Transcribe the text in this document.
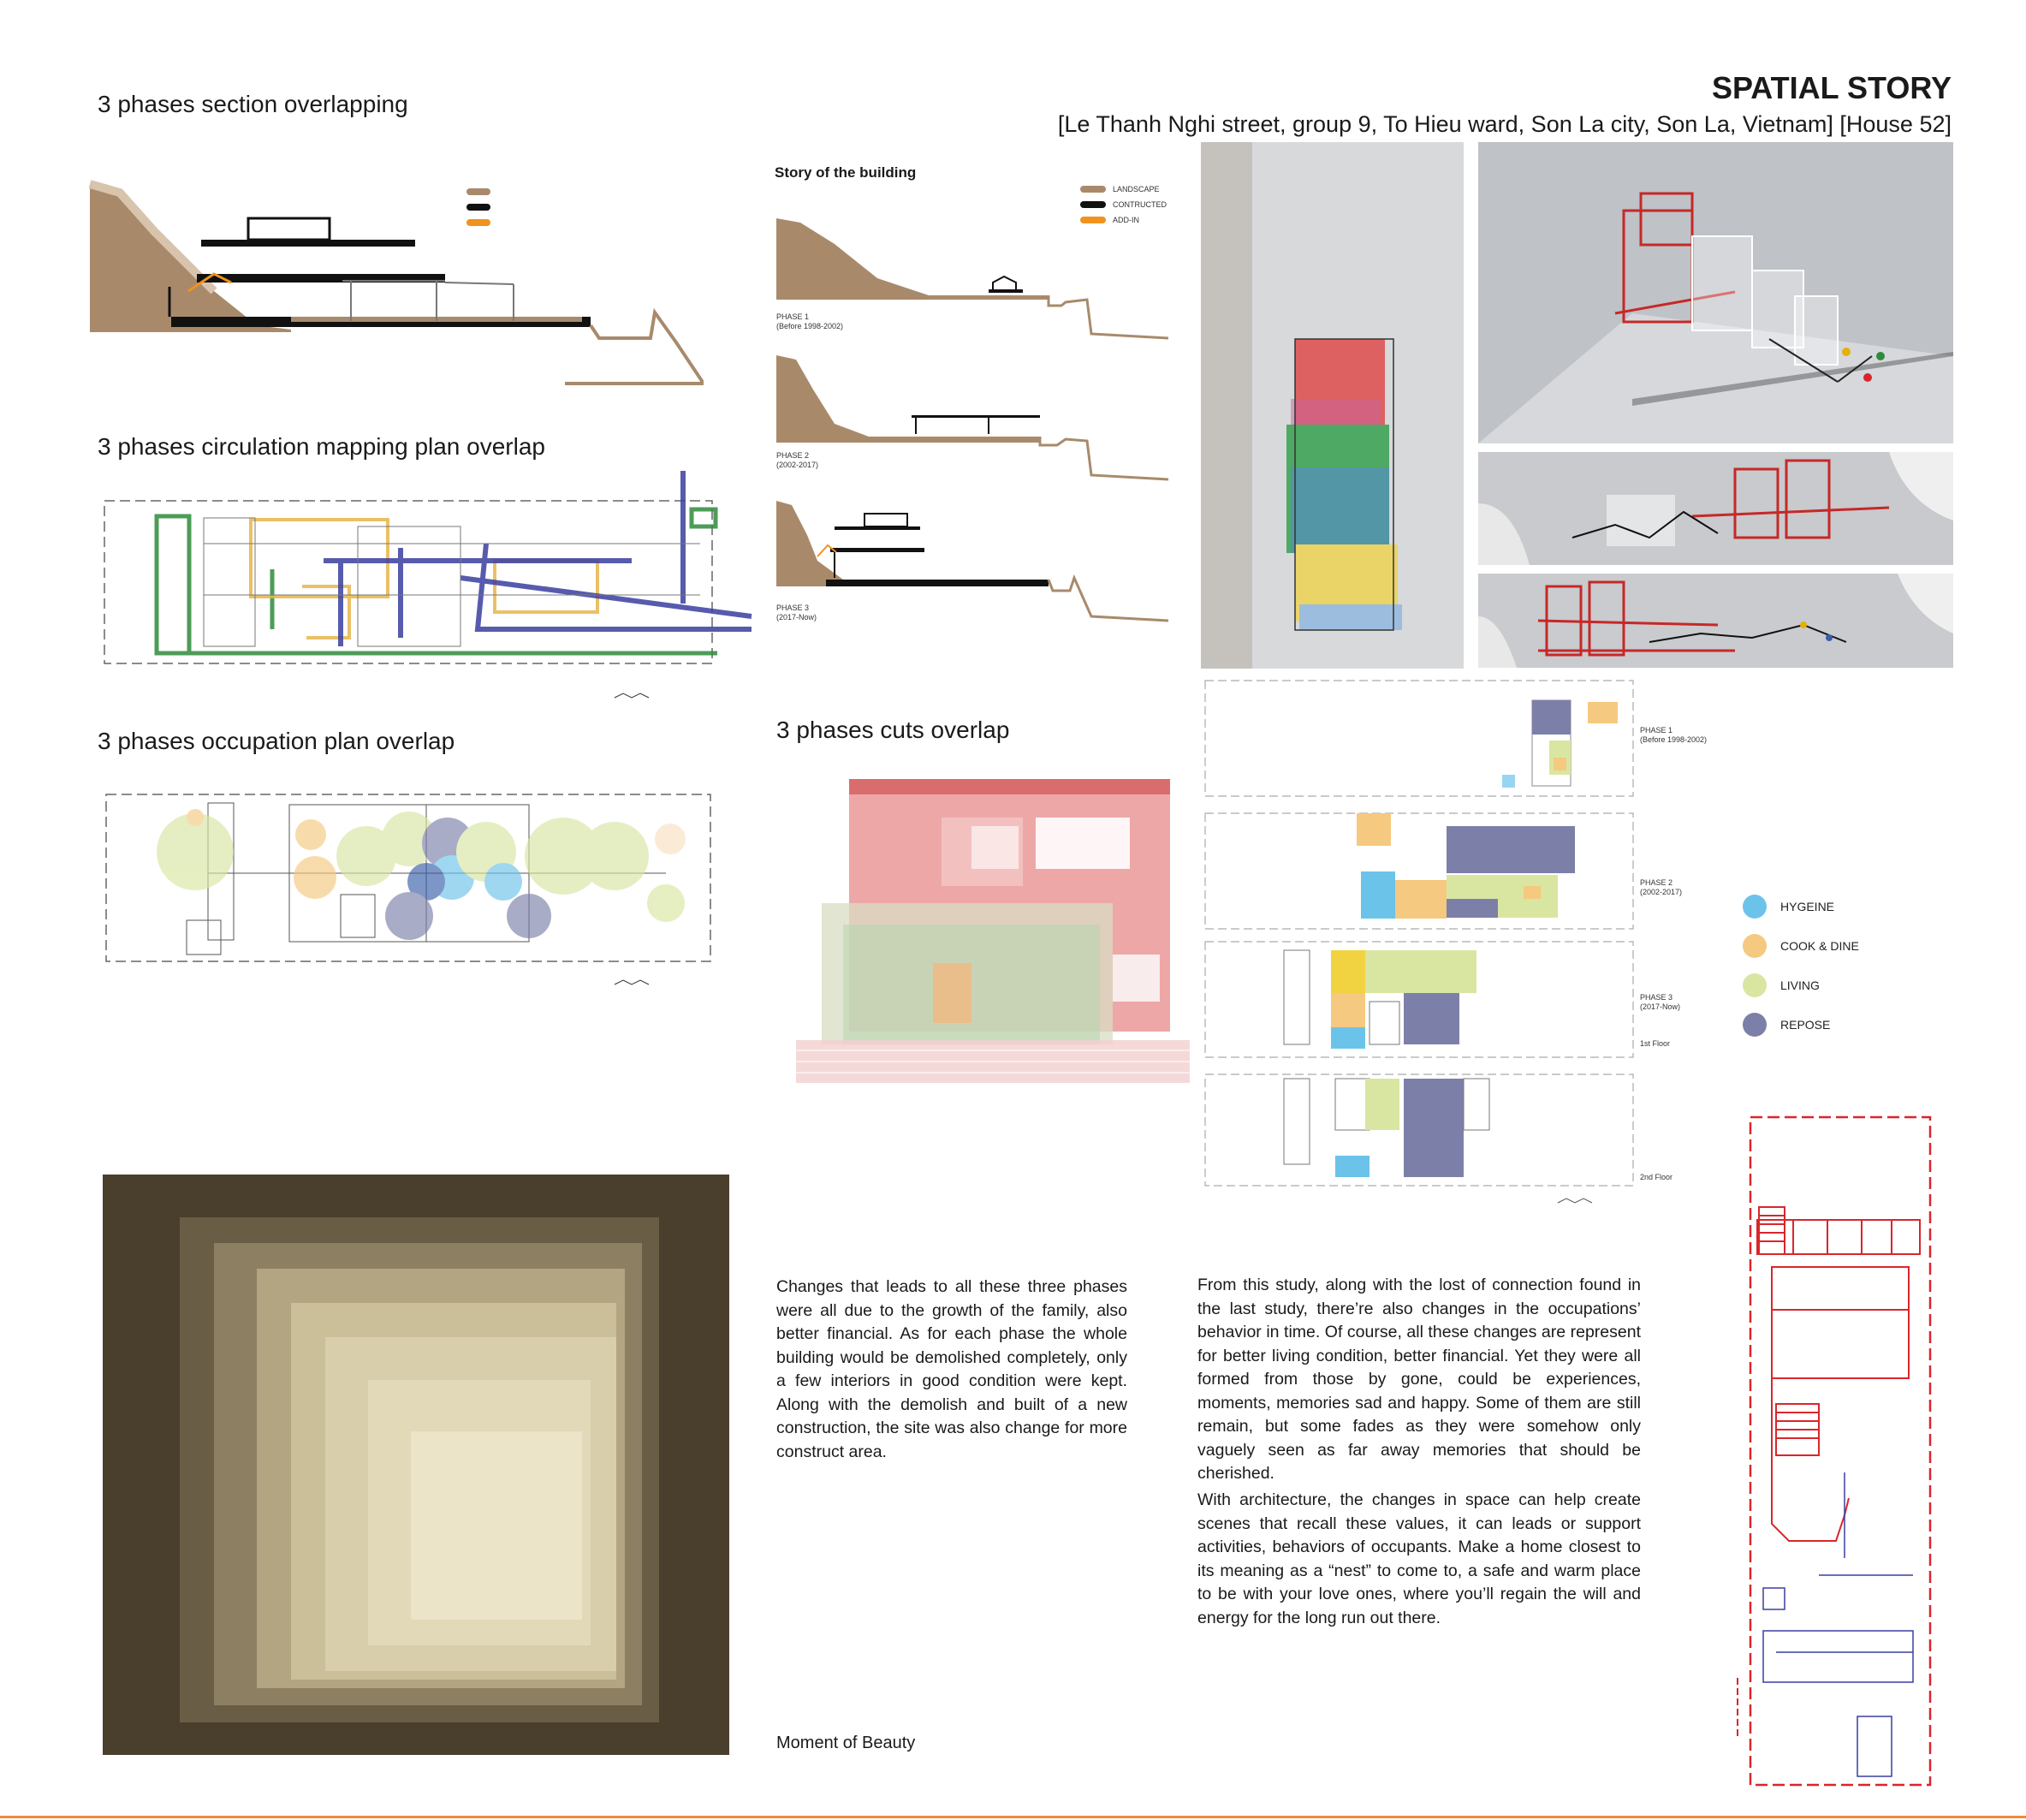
SPATIAL STORY
[Le Thanh Nghi street, group 9, To Hieu ward, Son La city, Son La, Vietnam] [House 52]
3 phases section overlapping
3 phases circulation mapping plan overlap
3 phases occupation plan overlap
Story of the building
LANDSCAPE
CONTRUCTED
ADD-IN
PHASE 1
(Before 1998-2002)
PHASE 2
(2002-2017)
PHASE 3
(2017-Now)
3 phases cuts overlap	PHASE 1
(Before 1998-2002)
PHASE 2
(2002-2017)
PHASE 3
(2017-Now)
1st Floor
2nd Floor
HYGEINE
COOK & DINE
LIVING
REPOSE
Moment of Beauty
Changes that leads to all these three phases were all due to the growth of the family, also better financial. As for each phase the whole building would be demolished completely, only a few interiors in good condition were kept. Along with the demolish and built of a new construction, the site was also change for more construct area.
From this study, along with the lost of connection found in the last study, there’re also changes in the occupations’ behavior in time. Of course, all these changes are represent for better living condition, better financial. Yet they were all formed from those by gone, could be experiences, moments, memories sad and happy. Some of them are still remain, but some fades as they were somehow only vaguely seen as far away memories that should be cherished.
With architecture, the changes in space can help create scenes that recall these values, it can leads or support activities, behaviors of occupants. Make a home closest to its meaning as a “nest” to come to, a safe and warm place to be with your love ones, where you’ll regain the will and energy for the long run out there.
